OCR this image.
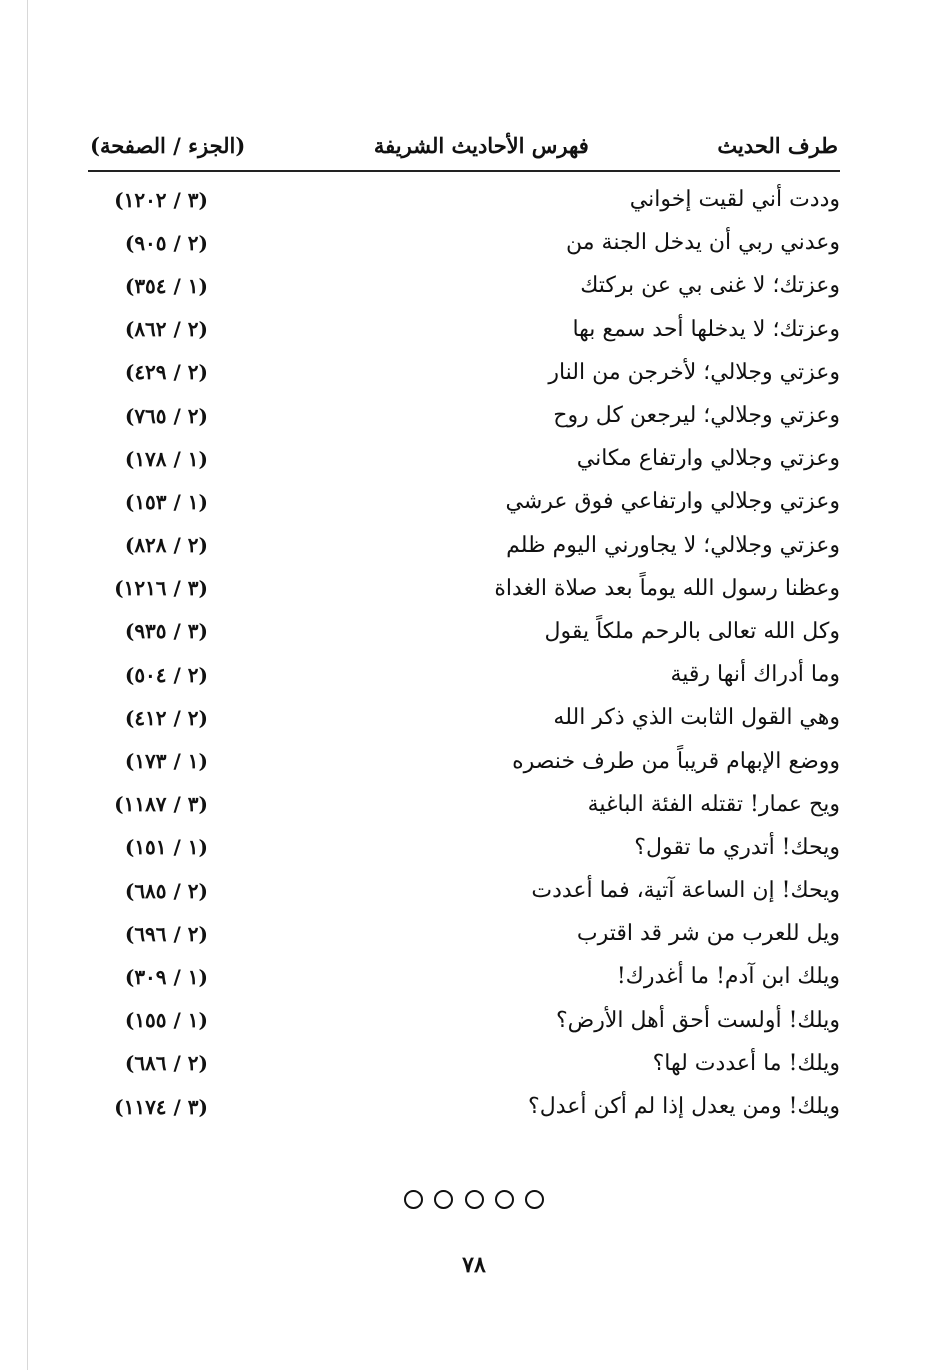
طرف الحديث
فهرس الأحاديث الشريفة
(الجزء / الصفحة)
وددت أني لقيت إخواني
(٣ / ١٢٠٢)
وعدني ربي أن يدخل الجنة من
(٢ / ٩٠٥)
وعزتك؛ لا غنى بي عن بركتك
(١ / ٣٥٤)
وعزتك؛ لا يدخلها أحد سمع بها
(٢ / ٨٦٢)
وعزتي وجلالي؛ لأخرجن من النار
(٢ / ٤٢٩)
وعزتي وجلالي؛ ليرجعن كل روح
(٢ / ٧٦٥)
وعزتي وجلالي وارتفاع مكاني
(١ / ١٧٨)
وعزتي وجلالي وارتفاعي فوق عرشي
(١ / ١٥٣)
وعزتي وجلالي؛ لا يجاورني اليوم ظلم
(٢ / ٨٢٨)
وعظنا رسول الله يوماً بعد صلاة الغداة
(٣ / ١٢١٦)
وكل الله تعالى بالرحم ملكاً يقول
(٣ / ٩٣٥)
وما أدراك أنها رقية
(٢ / ٥٠٤)
وهي القول الثابت الذي ذكر الله
(٢ / ٤١٢)
ووضع الإبهام قريباً من طرف خنصره
(١ / ١٧٣)
ويح عمار! تقتله الفئة الباغية
(٣ / ١١٨٧)
ويحك! أتدري ما تقول؟
(١ / ١٥١)
ويحك! إن الساعة آتية، فما أعددت
(٢ / ٦٨٥)
ويل للعرب من شر قد اقترب
(٢ / ٦٩٦)
ويلك ابن آدم! ما أغدرك!
(١ / ٣٠٩)
ويلك! أولست أحق أهل الأرض؟
(١ / ١٥٥)
ويلك! ما أعددت لها؟
(٢ / ٦٨٦)
ويلك! ومن يعدل إذا لم أكن أعدل؟
(٣ / ١١٧٤)
٧٨
